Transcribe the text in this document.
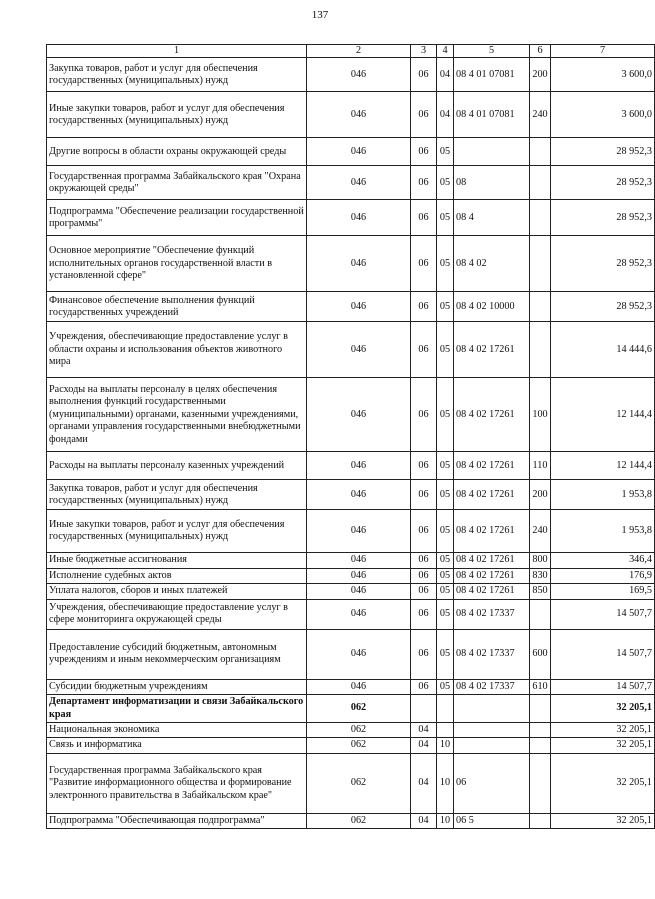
137
1	2	3	4	5	6	7
Закупка товаров, работ и услуг для обеспечения государственных (муниципальных) нужд	046	06	04	08 4 01 07081	200	3 600,0
Иные закупки товаров, работ и услуг для обеспечения государственных (муниципальных) нужд	046	06	04	08 4 01 07081	240	3 600,0
Другие вопросы в области охраны окружающей среды	046	06	05			28 952,3
Государственная программа Забайкальского края "Охрана окружающей среды"	046	06	05	08		28 952,3
Подпрограмма "Обеспечение реализации государственной программы"	046	06	05	08 4		28 952,3
Основное мероприятие "Обеспечение функций исполнительных органов государственной власти в установленной сфере"	046	06	05	08 4 02		28 952,3
Финансовое обеспечение выполнения функций государственных учреждений	046	06	05	08 4 02 10000		28 952,3
Учреждения, обеспечивающие предоставление услуг в области охраны и использования объектов животного мира	046	06	05	08 4 02 17261		14 444,6
Расходы на выплаты персоналу в целях обеспечения выполнения функций государственными (муниципальными) органами, казенными учреждениями, органами управления государственными внебюджетными фондами	046	06	05	08 4 02 17261	100	12 144,4
Расходы на выплаты персоналу казенных учреждений	046	06	05	08 4 02 17261	110	12 144,4
Закупка товаров, работ и услуг для обеспечения государственных (муниципальных) нужд	046	06	05	08 4 02 17261	200	1 953,8
Иные закупки товаров, работ и услуг для обеспечения государственных (муниципальных) нужд	046	06	05	08 4 02 17261	240	1 953,8
Иные бюджетные ассигнования	046	06	05	08 4 02 17261	800	346,4
Исполнение судебных актов	046	06	05	08 4 02 17261	830	176,9
Уплата налогов, сборов и иных платежей	046	06	05	08 4 02 17261	850	169,5
Учреждения, обеспечивающие предоставление услуг в сфере мониторинга окружающей среды	046	06	05	08 4 02 17337		14 507,7
Предоставление субсидий бюджетным, автономным учреждениям и иным некоммерческим организациям	046	06	05	08 4 02 17337	600	14 507,7
Субсидии бюджетным учреждениям	046	06	05	08 4 02 17337	610	14 507,7
Департамент информатизации и связи Забайкальского края	062					32 205,1
Национальная экономика	062	04				32 205,1
Связь и информатика	062	04	10			32 205,1
Государственная программа Забайкальского края "Развитие информационного общества и формирование электронного правительства в Забайкальском крае"	062	04	10	06		32 205,1
Подпрограмма "Обеспечивающая подпрограмма"	062	04	10	06 5		32 205,1
